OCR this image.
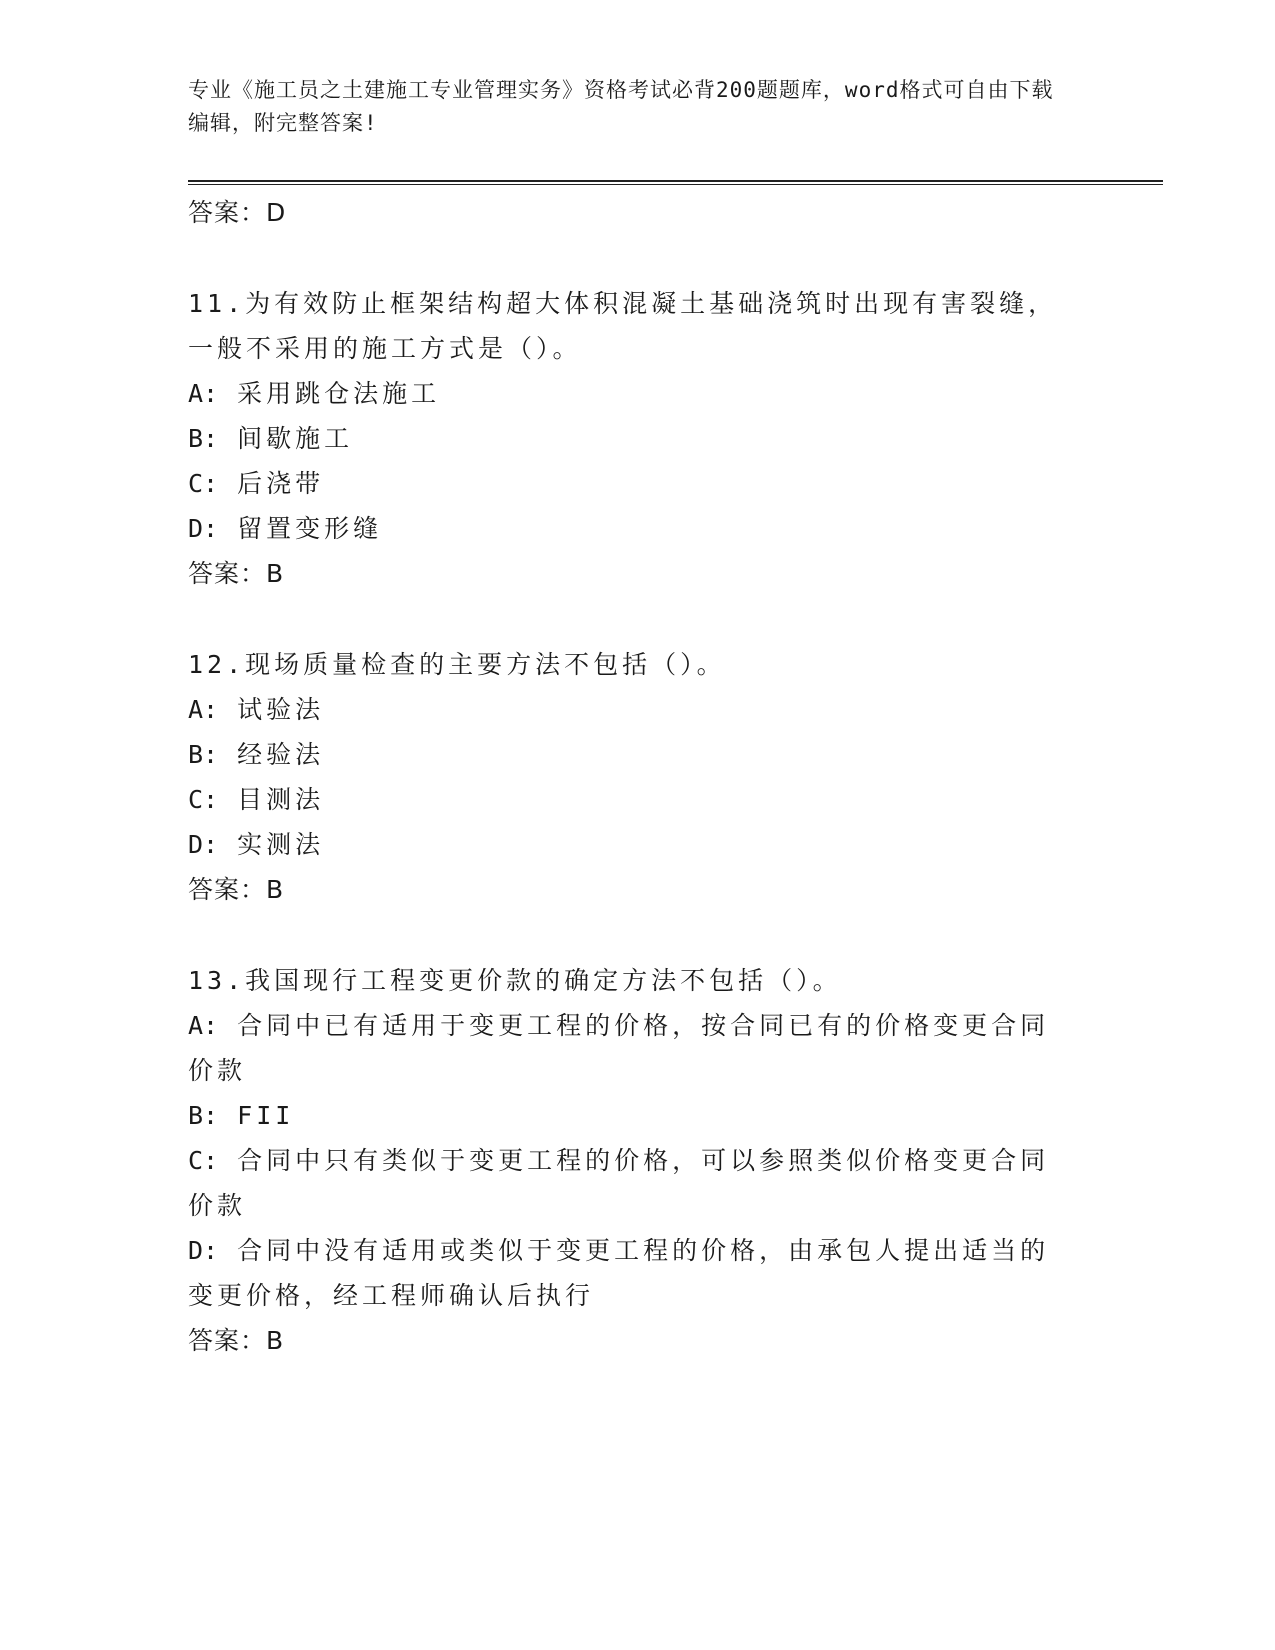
专业《施工员之土建施工专业管理实务》资格考试必背200题题库，word格式可自由下载编辑，附完整答案!
答案：D
11.为有效防止框架结构超大体积混凝土基础浇筑时出现有害裂缝，一般不采用的施工方式是（）。
A: 采用跳仓法施工
B: 间歇施工
C: 后浇带
D: 留置变形缝
答案：B
12.现场质量检查的主要方法不包括（）。
A: 试验法
B: 经验法
C: 目测法
D: 实测法
答案：B
13.我国现行工程变更价款的确定方法不包括（）。
A: 合同中已有适用于变更工程的价格，按合同已有的价格变更合同价款
B: FII
C: 合同中只有类似于变更工程的价格，可以参照类似价格变更合同价款
D: 合同中没有适用或类似于变更工程的价格，由承包人提出适当的变更价格，经工程师确认后执行
答案：B
